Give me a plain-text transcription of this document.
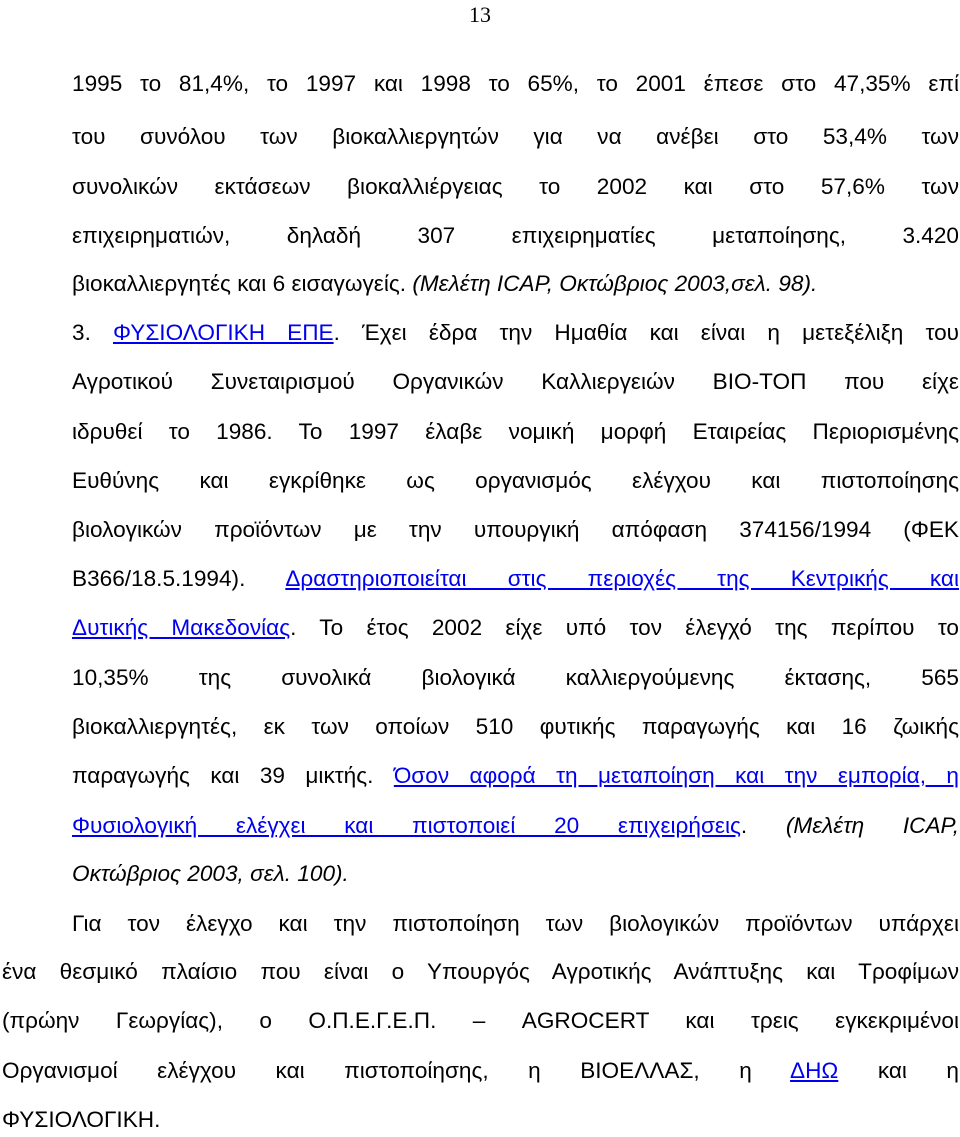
13
1995 το 81,4%, το 1997 και 1998 το 65%, το 2001 έπεσε στο 47,35% επί
του συνόλου των βιοκαλλιεργητών για να ανέβει στο 53,4% των
συνολικών εκτάσεων βιοκαλλιέργειας το 2002 και στο 57,6% των
επιχειρηματιών, δηλαδή 307 επιχειρηματίες μεταποίησης, 3.420
βιοκαλλιεργητές και 6 εισαγωγείς. (Μελέτη ICAP, Οκτώβριος 2003,σελ. 98).
3. ΦΥΣΙΟΛΟΓΙΚΗ ΕΠΕ. Έχει έδρα την Ημαθία και είναι η μετεξέλιξη του
Αγροτικού Συνεταιρισμού Οργανικών Καλλιεργειών ΒΙΟ-ΤΟΠ που είχε
ιδρυθεί το 1986. Το 1997 έλαβε νομική μορφή Εταιρείας Περιορισμένης
Ευθύνης και εγκρίθηκε ως οργανισμός ελέγχου και πιστοποίησης
βιολογικών προϊόντων με την υπουργική απόφαση 374156/1994 (ΦΕΚ
Β366/18.5.1994). Δραστηριοποιείται στις περιοχές της Κεντρικής και
Δυτικής Μακεδονίας. Το έτος 2002 είχε υπό τον έλεγχό της περίπου το
10,35% της συνολικά βιολογικά καλλιεργούμενης έκτασης, 565
βιοκαλλιεργητές, εκ των οποίων 510 φυτικής παραγωγής και 16 ζωικής
παραγωγής και 39 μικτής. Όσον αφορά τη μεταποίηση και την εμπορία, η
Φυσιολογική ελέγχει και πιστοποιεί 20 επιχειρήσεις. (Μελέτη ICAP,
Οκτώβριος 2003, σελ. 100).
Για τον έλεγχο και την πιστοποίηση των βιολογικών προϊόντων υπάρχει
ένα θεσμικό πλαίσιο που είναι ο Υπουργός Αγροτικής Ανάπτυξης και Τροφίμων
(πρώην Γεωργίας), ο Ο.Π.Ε.Γ.Ε.Π. – AGROCERT και τρεις εγκεκριμένοι
Οργανισμοί ελέγχου και πιστοποίησης, η ΒΙΟΕΛΛΑΣ, η ΔΗΩ και η
ΦΥΣΙΟΛΟΓΙΚΗ.
